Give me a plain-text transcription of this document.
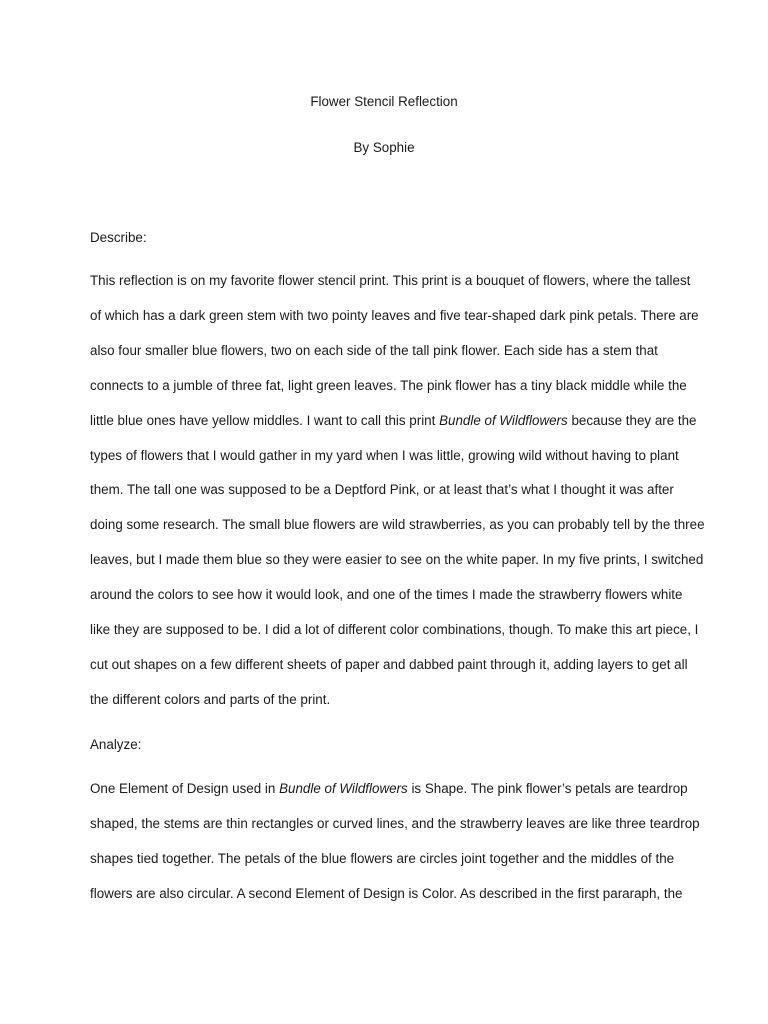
Flower Stencil Reflection

By Sophie

Describe:
This reflection is on my favorite flower stencil print. This print is a bouquet of flowers, where the tallest
of which has a dark green stem with two pointy leaves and five tear-shaped dark pink petals. There are
also four smaller blue flowers, two on each side of the tall pink flower. Each side has a stem that
connects to a jumble of three fat, light green leaves. The pink flower has a tiny black middle while the
little blue ones have yellow middles. I want to call this print Bundle of Wildflowers because they are the
types of flowers that I would gather in my yard when I was little, growing wild without having to plant
them. The tall one was supposed to be a Deptford Pink, or at least that’s what I thought it was after
doing some research. The small blue flowers are wild strawberries, as you can probably tell by the three
leaves, but I made them blue so they were easier to see on the white paper. In my five prints, I switched
around the colors to see how it would look, and one of the times I made the strawberry flowers white
like they are supposed to be. I did a lot of different color combinations, though. To make this art piece, I
cut out shapes on a few different sheets of paper and dabbed paint through it, adding layers to get all
the different colors and parts of the print.
Analyze:
One Element of Design used in Bundle of Wildflowers is Shape. The pink flower’s petals are teardrop
shaped, the stems are thin rectangles or curved lines, and the strawberry leaves are like three teardrop
shapes tied together. The petals of the blue flowers are circles joint together and the middles of the
flowers are also circular. A second Element of Design is Color. As described in the first pararaph, the
